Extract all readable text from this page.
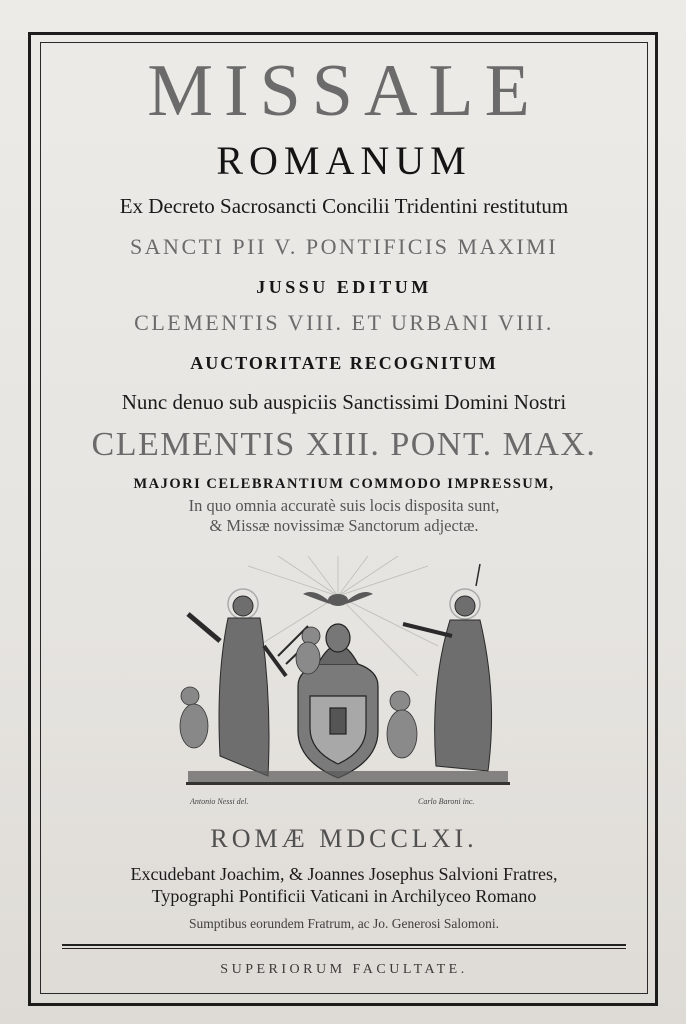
MISSALE
ROMANUM
Ex Decreto Sacrosancti Concilii Tridentini restitutum
SANCTI PII V. PONTIFICIS MAXIMI
JUSSU EDITUM
CLEMENTIS VIII. ET URBANI VIII.
AUCTORITATE RECOGNITUM
Nunc denuo sub auspiciis Sanctissimi Domini Nostri
CLEMENTIS XIII. PONT. MAX.
MAJORI CELEBRANTIUM COMMODO IMPRESSUM,
In quo omnia accuratè suis locis disposita sunt,
& Missæ novissimæ Sanctorum adjectæ.
Antonio Nessi del.	Carlo Baroni inc.
ROMÆ MDCCLXI.
Excudebant Joachim, & Joannes Josephus Salvioni Fratres,
Typographi Pontificii Vaticani in Archilyceo Romano
Sumptibus eorundem Fratrum, ac Jo. Generosi Salomoni.
SUPERIORUM FACULTATE.
